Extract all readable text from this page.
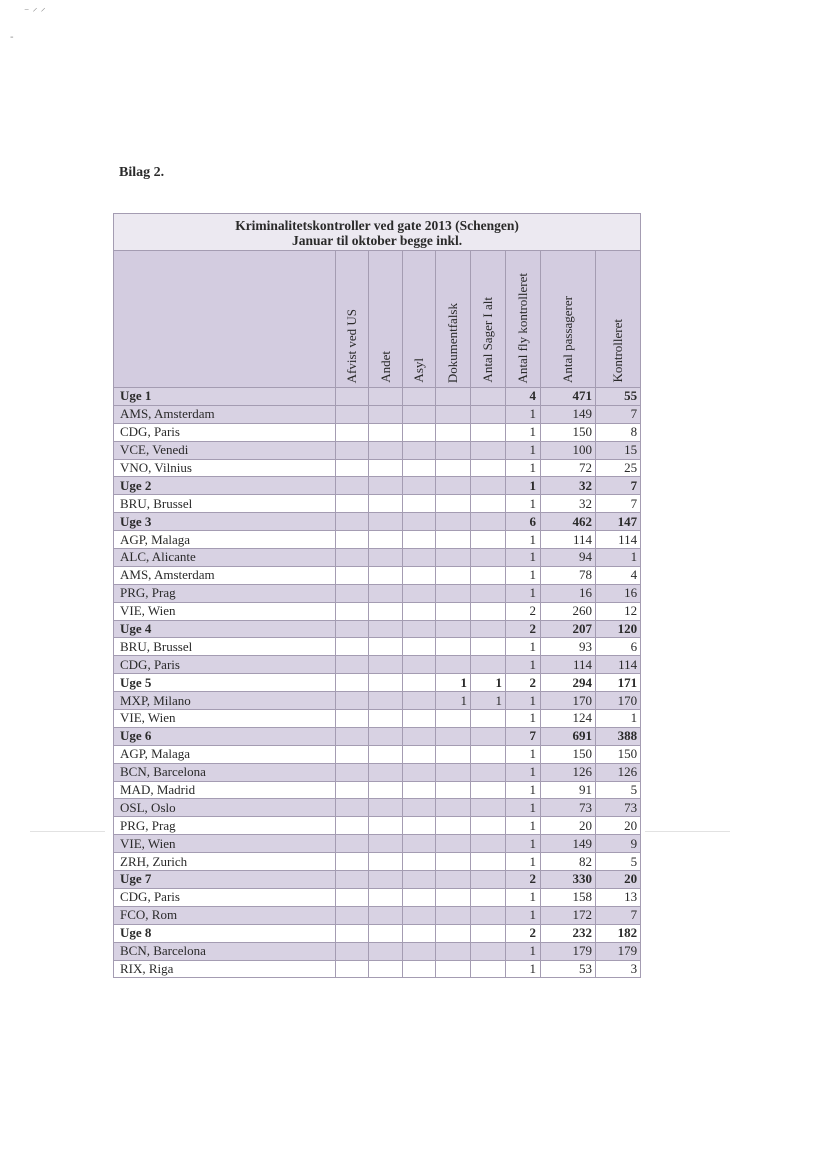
⁻ ⸍ ⸍
-
Bilag 2.
Kriminalitetskontroller ved gate 2013 (Schengen)
Januar til oktober begge inkl.								

	Afvist ved US	Andet	Asyl	Dokumentfalsk	Antal Sager I alt	Antal fly kontrolleret	Antal passagerer	Kontrolleret

Uge 1						4	471	55
AMS, Amsterdam						1	149	7
CDG, Paris						1	150	8
VCE, Venedi						1	100	15
VNO, Vilnius						1	72	25
Uge 2						1	32	7
BRU, Brussel						1	32	7
Uge 3						6	462	147
AGP, Malaga						1	114	114
ALC, Alicante						1	94	1
AMS, Amsterdam						1	78	4
PRG, Prag						1	16	16
VIE, Wien						2	260	12
Uge 4						2	207	120
BRU, Brussel						1	93	6
CDG, Paris						1	114	114
Uge 5				1	1	2	294	171
MXP, Milano				1	1	1	170	170
VIE, Wien						1	124	1
Uge 6						7	691	388
AGP, Malaga						1	150	150
BCN, Barcelona						1	126	126
MAD, Madrid						1	91	5
OSL, Oslo						1	73	73
PRG, Prag						1	20	20
VIE, Wien						1	149	9
ZRH, Zurich						1	82	5
Uge 7						2	330	20
CDG, Paris						1	158	13
FCO, Rom						1	172	7
Uge 8						2	232	182
BCN, Barcelona						1	179	179
RIX, Riga						1	53	3
